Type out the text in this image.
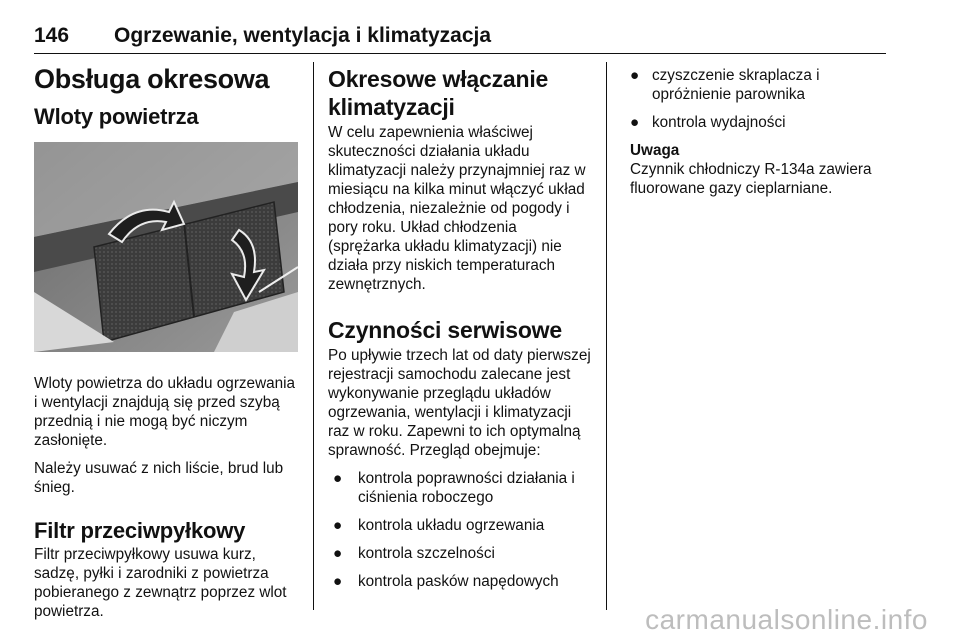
146 Ogrzewanie, wentylacja i klimatyzacja
Obsługa okresowa
Wloty powietrza

Wloty powietrza do układu ogrzewania i wentylacji znajdują się przed szybą przednią i nie mogą być niczym zasłonięte.

Należy usuwać z nich liście, brud lub śnieg.

Filtr przeciwpyłkowy

Filtr przeciwpyłkowy usuwa kurz, sadzę, pyłki i zarodniki z powietrza pobieranego z zewnątrz poprzez wlot powietrza.

Okresowe włączanie klimatyzacji

W celu zapewnienia właściwej skuteczności działania układu klimatyzacji należy przynajmniej raz w miesiącu na kilka minut włączyć układ chłodzenia, niezależnie od pogody i pory roku. Układ chłodzenia (sprężarka układu klimatyzacji) nie działa przy niskich temperaturach zewnętrznych.

Czynności serwisowe

Po upływie trzech lat od daty pierwszej rejestracji samochodu zalecane jest wykonywanie przeglądu układów ogrzewania, wentylacji i klimatyzacji raz w roku. Zapewni to ich optymalną sprawność. Przegląd obejmuje:

● kontrola poprawności działania i ciśnienia roboczego
● kontrola układu ogrzewania
● kontrola szczelności
● kontrola pasków napędowych
● czyszczenie skraplacza i opróżnienie parownika
● kontrola wydajności
Uwaga

Czynnik chłodniczy R-134a zawiera fluorowane gazy cieplarniane.

carmanualsonline.info
